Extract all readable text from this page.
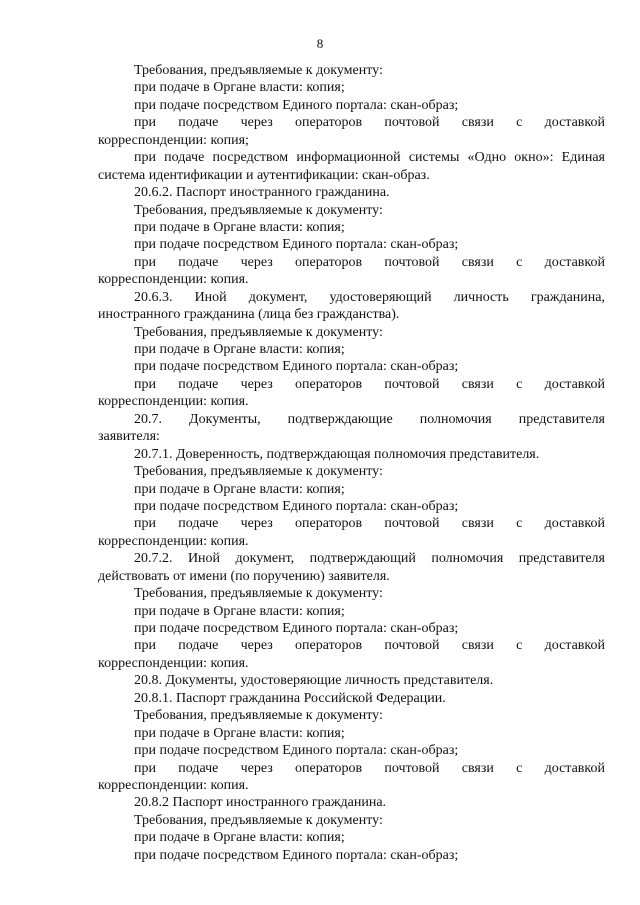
8

Требования, предъявляемые к документу:

при подаче в Органе власти: копия;

при подаче посредством Единого портала: скан-образ;

при подаче через операторов почтовой связи с доставкой

корреспонденции: копия;

при подаче посредством информационной системы «Одно окно»: Единая

система идентификации и аутентификации: скан-образ.

20.6.2. Паспорт иностранного гражданина.

Требования, предъявляемые к документу:

при подаче в Органе власти: копия;

при подаче посредством Единого портала: скан-образ;

при подаче через операторов почтовой связи с доставкой

корреспонденции: копия.

20.6.3. Иной документ, удостоверяющий личность гражданина,

иностранного гражданина (лица без гражданства).

Требования, предъявляемые к документу:

при подаче в Органе власти: копия;

при подаче посредством Единого портала: скан-образ;

при подаче через операторов почтовой связи с доставкой

корреспонденции: копия.

20.7. Документы, подтверждающие полномочия представителя

заявителя:

20.7.1. Доверенность, подтверждающая полномочия представителя.

Требования, предъявляемые к документу:

при подаче в Органе власти: копия;

при подаче посредством Единого портала: скан-образ;

при подаче через операторов почтовой связи с доставкой

корреспонденции: копия.

20.7.2. Иной документ, подтверждающий полномочия представителя

действовать от имени (по поручению) заявителя.

Требования, предъявляемые к документу:

при подаче в Органе власти: копия;

при подаче посредством Единого портала: скан-образ;

при подаче через операторов почтовой связи с доставкой

корреспонденции: копия.

20.8. Документы, удостоверяющие личность представителя.

20.8.1. Паспорт гражданина Российской Федерации.

Требования, предъявляемые к документу:

при подаче в Органе власти: копия;

при подаче посредством Единого портала: скан-образ;

при подаче через операторов почтовой связи с доставкой

корреспонденции: копия.

20.8.2 Паспорт иностранного гражданина.

Требования, предъявляемые к документу:

при подаче в Органе власти: копия;

при подаче посредством Единого портала: скан-образ;
